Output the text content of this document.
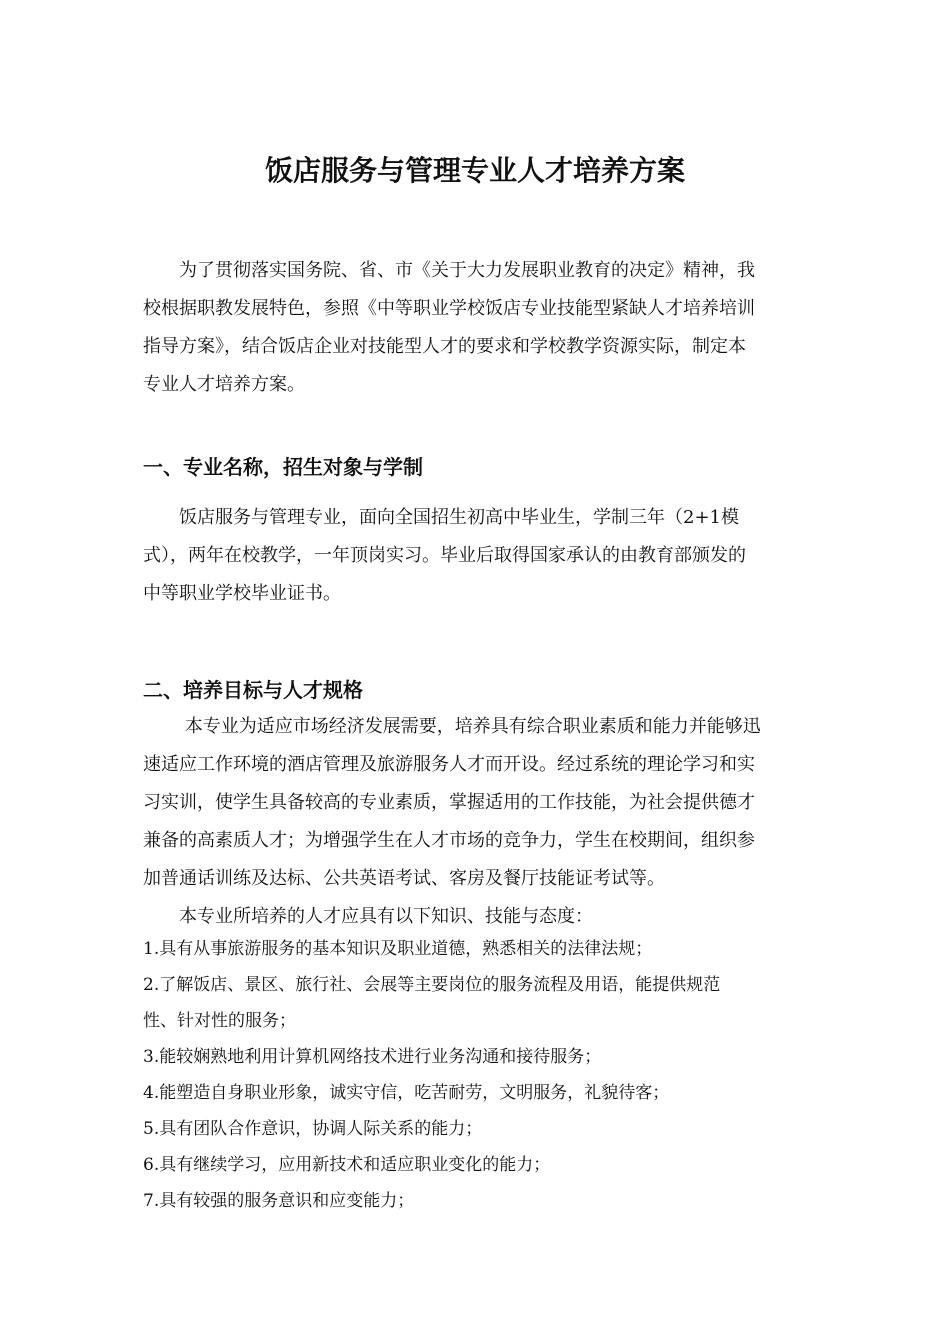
饭店服务与管理专业人才培养方案
　　为了贯彻落实国务院、省、市《关于大力发展职业教育的决定》精神，我
校根据职教发展特色，参照《中等职业学校饭店专业技能型紧缺人才培养培训
指导方案》，结合饭店企业对技能型人才的要求和学校教学资源实际，制定本
专业人才培养方案。
一、专业名称，招生对象与学制
　　饭店服务与管理专业，面向全国招生初高中毕业生，学制三年（2+1模
式），两年在校教学，一年顶岗实习。毕业后取得国家承认的由教育部颁发的
中等职业学校毕业证书。
二、培养目标与人才规格
　　 本专业为适应市场经济发展需要，培养具有综合职业素质和能力并能够迅
速适应工作环境的酒店管理及旅游服务人才而开设。经过系统的理论学习和实
习实训，使学生具备较高的专业素质，掌握适用的工作技能，为社会提供德才
兼备的高素质人才；为增强学生在人才市场的竞争力，学生在校期间，组织参
加普通话训练及达标、公共英语考试、客房及餐厅技能证考试等。
　　本专业所培养的人才应具有以下知识、技能与态度：
1.具有从事旅游服务的基本知识及职业道德，熟悉相关的法律法规；
2.了解饭店、景区、旅行社、会展等主要岗位的服务流程及用语，能提供规范
性、针对性的服务；
3.能较娴熟地利用计算机网络技术进行业务沟通和接待服务；
4.能塑造自身职业形象，诚实守信，吃苦耐劳，文明服务，礼貌待客；
5.具有团队合作意识，协调人际关系的能力；
6.具有继续学习，应用新技术和适应职业变化的能力；
7.具有较强的服务意识和应变能力；
